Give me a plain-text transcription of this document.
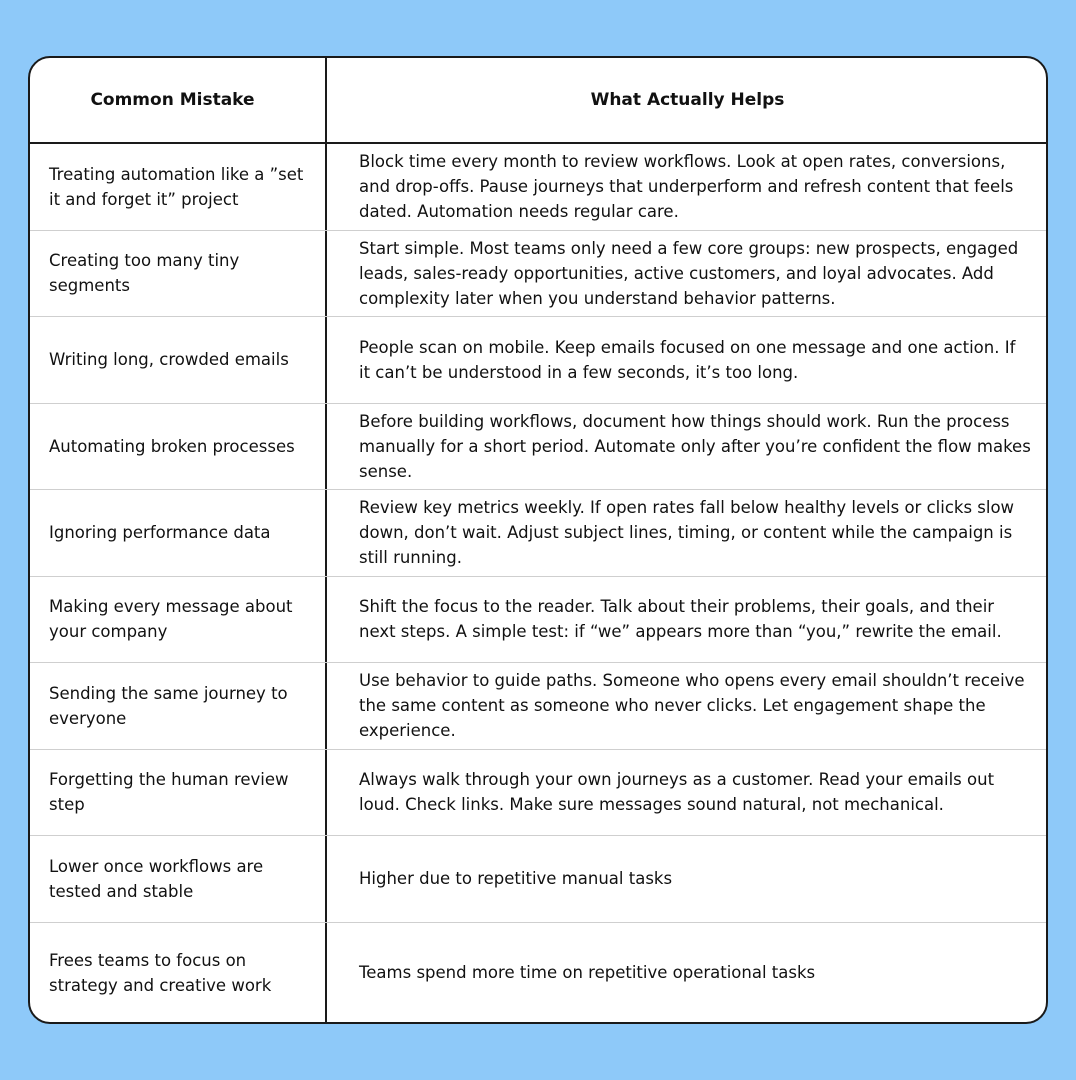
Common Mistake	What Actually Helps
Treating automation like a ”set it and forget it” project
Block time every month to review workflows. Look at open rates, conversions, and drop-offs. Pause journeys that underperform and refresh content that feels dated. Automation needs regular care.
Creating too many tiny segments
Start simple. Most teams only need a few core groups: new prospects, engaged leads, sales-ready opportunities, active customers, and loyal advocates. Add complexity later when you understand behavior patterns.
Writing long, crowded emails
People scan on mobile. Keep emails focused on one message and one action. If it can’t be understood in a few seconds, it’s too long.
Automating broken processes
Before building workflows, document how things should work. Run the process manually for a short period. Automate only after you’re confident the flow makes sense.
Ignoring performance data
Review key metrics weekly. If open rates fall below healthy levels or clicks slow down, don’t wait. Adjust subject lines, timing, or content while the campaign is still running.
Making every message about your company
Shift the focus to the reader. Talk about their problems, their goals, and their next steps. A simple test: if “we” appears more than “you,” rewrite the email.
Sending the same journey to everyone
Use behavior to guide paths. Someone who opens every email shouldn’t receive the same content as someone who never clicks. Let engagement shape the experience.
Forgetting the human review step
Always walk through your own journeys as a customer. Read your emails out loud. Check links. Make sure messages sound natural, not mechanical.
Lower once workflows are tested and stable
Higher due to repetitive manual tasks
Frees teams to focus on strategy and creative work
Teams spend more time on repetitive operational tasks
